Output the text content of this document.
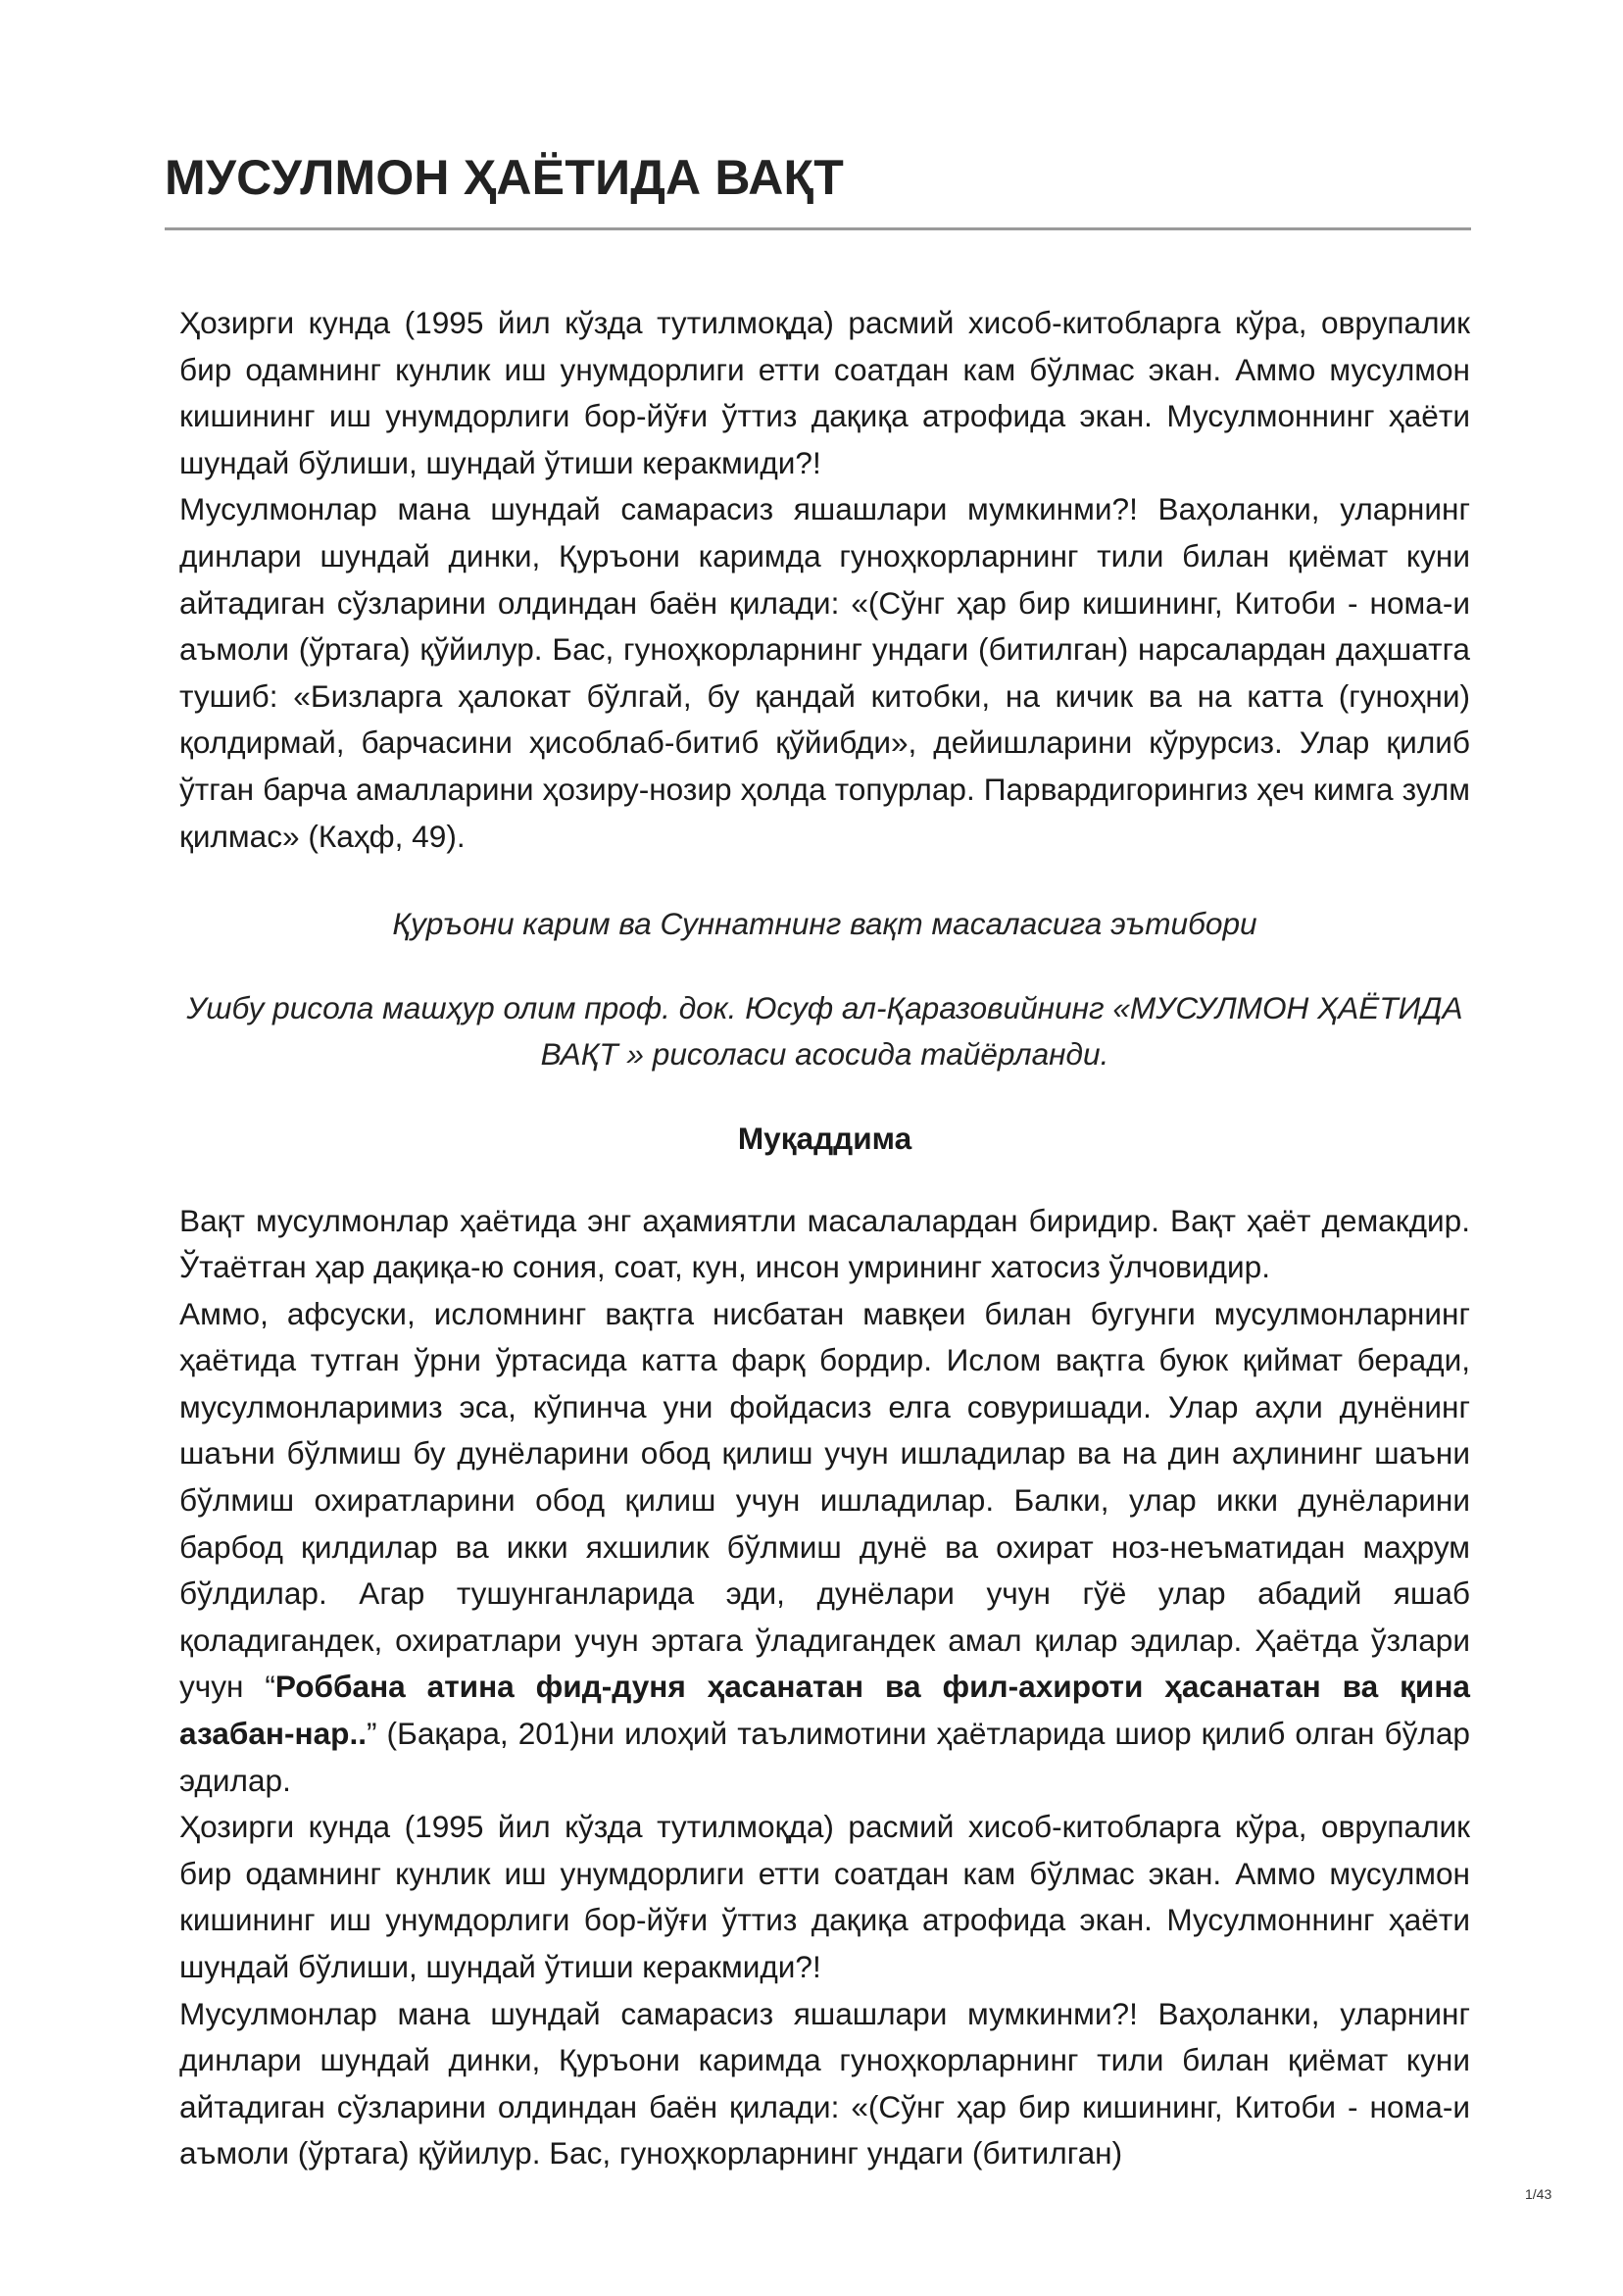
МУСУЛМОН ҲАЁТИДА ВАҚТ

Ҳозирги кунда (1995 йил кўзда тутилмоқда) расмий хисоб-китобларга кўра, оврупалик бир одамнинг кунлик иш унумдорлиги етти соатдан кам бўлмас экан. Аммо мусулмон кишининг иш унумдорлиги бор-йўғи ўттиз дақиқа атрофида экан. Мусулмоннинг ҳаёти шундай бўлиши, шундай ўтиши керакмиди?!

Мусулмонлар мана шундай самарасиз яшашлари мумкинми?! Ваҳоланки, уларнинг динлари шундай динки, Қуръони каримда гуноҳкорларнинг тили билан қиёмат куни айтадиган сўзларини олдиндан баён қилади: «(Сўнг ҳар бир кишининг, Китоби - нома-и аъмоли (ўртага) қўйилур. Бас, гуноҳкорларнинг ундаги (битилган) нарсалардан даҳшатга тушиб: «Бизларга ҳалокат бўлгай, бу қандай китобки, на кичик ва на катта (гуноҳни) қолдирмай, барчасини ҳисоблаб-битиб қўйибди», дейишларини кўрурсиз. Улар қилиб ўтган барча амалларини ҳозиру-нозир ҳолда топурлар. Парвардигорингиз ҳеч кимга зулм қилмас» (Каҳф, 49).

Қуръони карим ва Суннатнинг вақт масаласига эътибори

Ушбу рисола машҳур олим проф. док. Юсуф ал-Қаразовийнинг «МУСУЛМОН ҲАЁТИДА ВАҚТ » рисоласи асосида тайёрланди.

Муқаддима

Вақт мусулмонлар ҳаётида энг аҳамиятли масалалардан биридир. Вақт ҳаёт демакдир. Ўтаётган ҳар дақиқа-ю сония, соат, кун, инсон умрининг хатосиз ўлчовидир.

Аммо, афсуски, исломнинг вақтга нисбатан мавқеи билан бугунги мусулмонларнинг ҳаётида тутган ўрни ўртасида катта фарқ бордир. Ислом вақтга буюк қиймат беради, мусулмонларимиз эса, кўпинча уни фойдасиз елга совуришади. Улар аҳли дунёнинг шаъни бўлмиш бу дунёларини обод қилиш учун ишладилар ва на дин аҳлининг шаъни бўлмиш охиратларини обод қилиш учун ишладилар. Балки, улар икки дунёларини барбод қилдилар ва икки яхшилик бўлмиш дунё ва охират ноз-неъматидан маҳрум бўлдилар. Агар тушунганларида эди, дунёлари учун гўё улар абадий яшаб қоладигандек, охиратлари учун эртага ўладигандек амал қилар эдилар. Ҳаётда ўзлари учун “Роббана атина фид-дуня ҳасанатан ва фил-ахироти ҳасанатан ва қина азабан-нар..” (Бақара, 201)ни илоҳий таълимотини ҳаётларида шиор қилиб олган бўлар эдилар.

Ҳозирги кунда (1995 йил кўзда тутилмоқда) расмий хисоб-китобларга кўра, оврупалик бир одамнинг кунлик иш унумдорлиги етти соатдан кам бўлмас экан. Аммо мусулмон кишининг иш унумдорлиги бор-йўғи ўттиз дақиқа атрофида экан. Мусулмоннинг ҳаёти шундай бўлиши, шундай ўтиши керакмиди?!

Мусулмонлар мана шундай самарасиз яшашлари мумкинми?! Ваҳоланки, уларнинг динлари шундай динки, Қуръони каримда гуноҳкорларнинг тили билан қиёмат куни айтадиган сўзларини олдиндан баён қилади: «(Сўнг ҳар бир кишининг, Китоби - нома-и аъмоли (ўртага) қўйилур. Бас, гуноҳкорларнинг ундаги (битилган)

1/43
